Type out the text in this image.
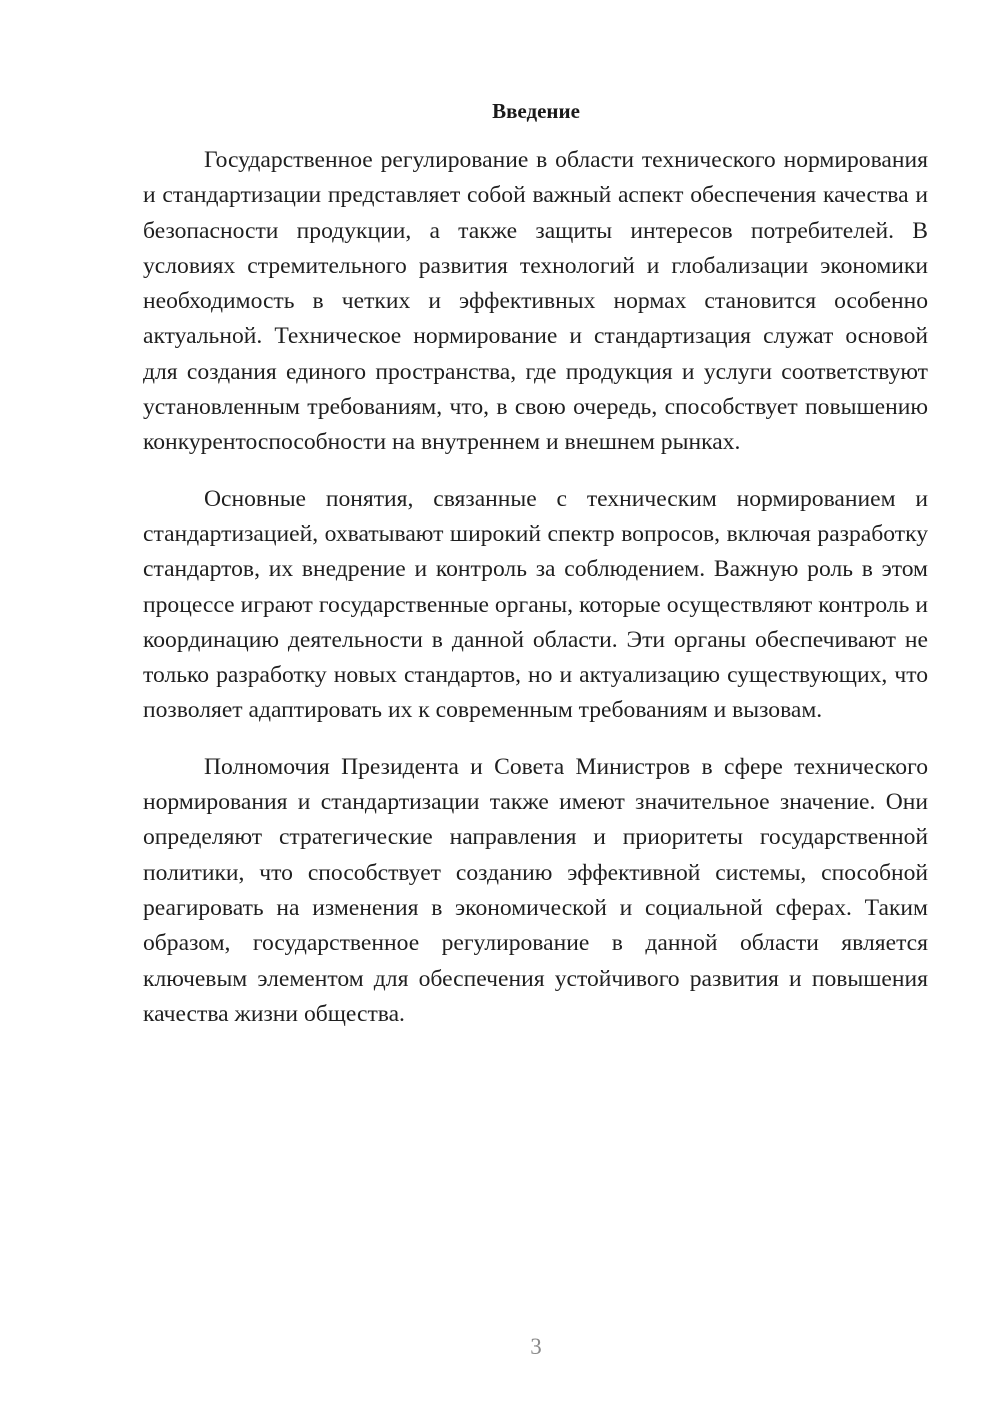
Введение

Государственное регулирование в области технического нормирования и стандартизации представляет собой важный аспект обеспечения качества и безопасности продукции, а также защиты интересов потребителей. В условиях стремительного развития технологий и глобализации экономики необходимость в четких и эффективных нормах становится особенно актуальной. Техническое нормирование и стандартизация служат основой для создания единого пространства, где продукция и услуги соответствуют установленным требованиям, что, в свою очередь, способствует повышению конкурентоспособности на внутреннем и внешнем рынках.

Основные понятия, связанные с техническим нормированием и стандартизацией, охватывают широкий спектр вопросов, включая разработку стандартов, их внедрение и контроль за соблюдением. Важную роль в этом процессе играют государственные органы, которые осуществляют контроль и координацию деятельности в данной области. Эти органы обеспечивают не только разработку новых стандартов, но и актуализацию существующих, что позволяет адаптировать их к современным требованиям и вызовам.

Полномочия Президента и Совета Министров в сфере технического нормирования и стандартизации также имеют значительное значение. Они определяют стратегические направления и приоритеты государственной политики, что способствует созданию эффективной системы, способной реагировать на изменения в экономической и социальной сферах. Таким образом, государственное регулирование в данной области является ключевым элементом для обеспечения устойчивого развития и повышения качества жизни общества.

3
